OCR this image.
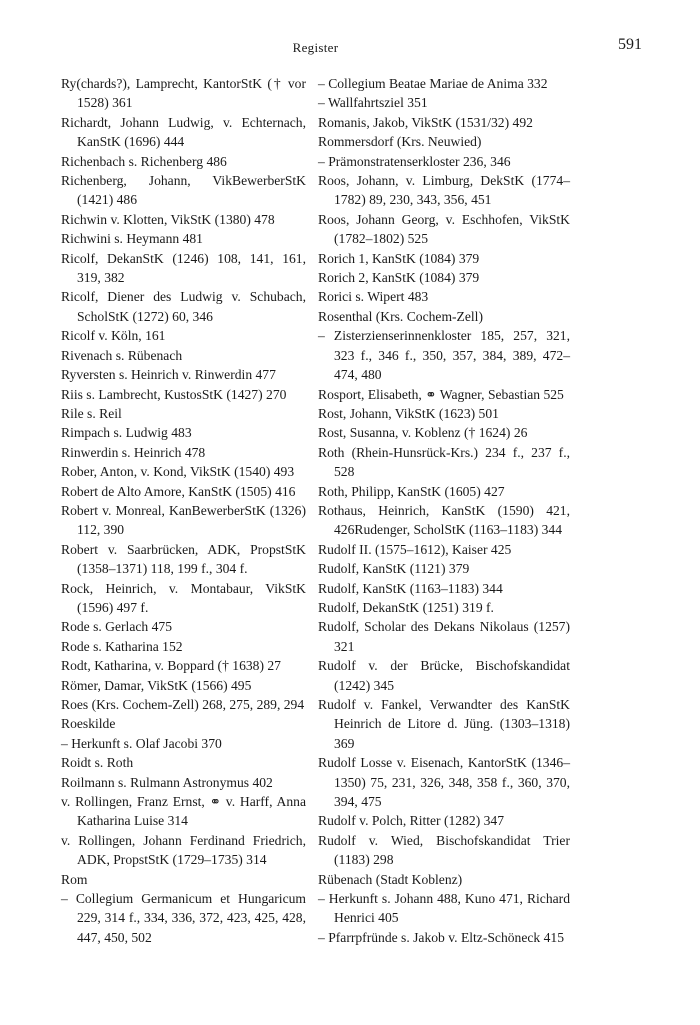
Register	591

Ry(chards?), Lamprecht, KantorStK († vor 1528) 361

Richardt, Johann Ludwig, v. Echternach, KanStK (1696) 444

Richenbach s. Richenberg 486

Richenberg, Johann, VikBewerberStK (1421) 486

Richwin v. Klotten, VikStK (1380) 478

Richwini s. Heymann 481

Ricolf, DekanStK (1246) 108, 141, 161, 319, 382

Ricolf, Diener des Ludwig v. Schubach, ScholStK (1272) 60, 346

Ricolf v. Köln, 161

Rivenach s. Rübenach

Ryversten s. Heinrich v. Rinwerdin 477

Riis s. Lambrecht, KustosStK (1427) 270

Rile s. Reil

Rimpach s. Ludwig 483

Rinwerdin s. Heinrich 478

Rober, Anton, v. Kond, VikStK (1540) 493

Robert de Alto Amore, KanStK (1505) 416

Robert v. Monreal, KanBewerberStK (1326) 112, 390

Robert v. Saarbrücken, ADK, PropstStK (1358–1371) 118, 199 f., 304 f.

Rock, Heinrich, v. Montabaur, VikStK (1596) 497 f.

Rode s. Gerlach 475

Rode s. Katharina 152

Rodt, Katharina, v. Boppard († 1638) 27

Römer, Damar, VikStK (1566) 495

Roes (Krs. Cochem-Zell) 268, 275, 289, 294

Roeskilde

– Herkunft s. Olaf Jacobi 370

Roidt s. Roth

Roilmann s. Rulmann Astronymus 402

v. Rollingen, Franz Ernst, ⚭ v. Harff, Anna Katharina Luise 314

v. Rollingen, Johann Ferdinand Friedrich, ADK, PropstStK (1729–1735) 314

Rom

– Collegium Germanicum et Hungaricum 229, 314 f., 334, 336, 372, 423, 425, 428, 447, 450, 502

– Collegium Beatae Mariae de Anima 332

– Wallfahrtsziel 351

Romanis, Jakob, VikStK (1531/32) 492

Rommersdorf (Krs. Neuwied)

– Prämonstratenserkloster 236, 346

Roos, Johann, v. Limburg, DekStK (1774–1782) 89, 230, 343, 356, 451

Roos, Johann Georg, v. Eschhofen, VikStK (1782–1802) 525

Rorich 1, KanStK (1084) 379

Rorich 2, KanStK (1084) 379

Rorici s. Wipert 483

Rosenthal (Krs. Cochem-Zell)

– Zisterzienserinnenkloster 185, 257, 321, 323 f., 346 f., 350, 357, 384, 389, 472–474, 480

Rosport, Elisabeth, ⚭ Wagner, Sebastian 525

Rost, Johann, VikStK (1623) 501

Rost, Susanna, v. Koblenz († 1624) 26

Roth (Rhein-Hunsrück-Krs.) 234 f., 237 f., 528

Roth, Philipp, KanStK (1605) 427

Rothaus, Heinrich, KanStK (1590) 421, 426Rudenger, ScholStK (1163–1183) 344

Rudolf II. (1575–1612), Kaiser 425

Rudolf, KanStK (1121) 379

Rudolf, KanStK (1163–1183) 344

Rudolf, DekanStK (1251) 319 f.

Rudolf, Scholar des Dekans Nikolaus (1257) 321

Rudolf v. der Brücke, Bischofskandidat (1242) 345

Rudolf v. Fankel, Verwandter des KanStK Heinrich de Litore d. Jüng. (1303–1318) 369

Rudolf Losse v. Eisenach, KantorStK (1346–1350) 75, 231, 326, 348, 358 f., 360, 370, 394, 475

Rudolf v. Polch, Ritter (1282) 347

Rudolf v. Wied, Bischofskandidat Trier (1183) 298

Rübenach (Stadt Koblenz)

– Herkunft s. Johann 488, Kuno 471, Richard Henrici 405

– Pfarrpfründe s. Jakob v. Eltz-Schöneck 415
